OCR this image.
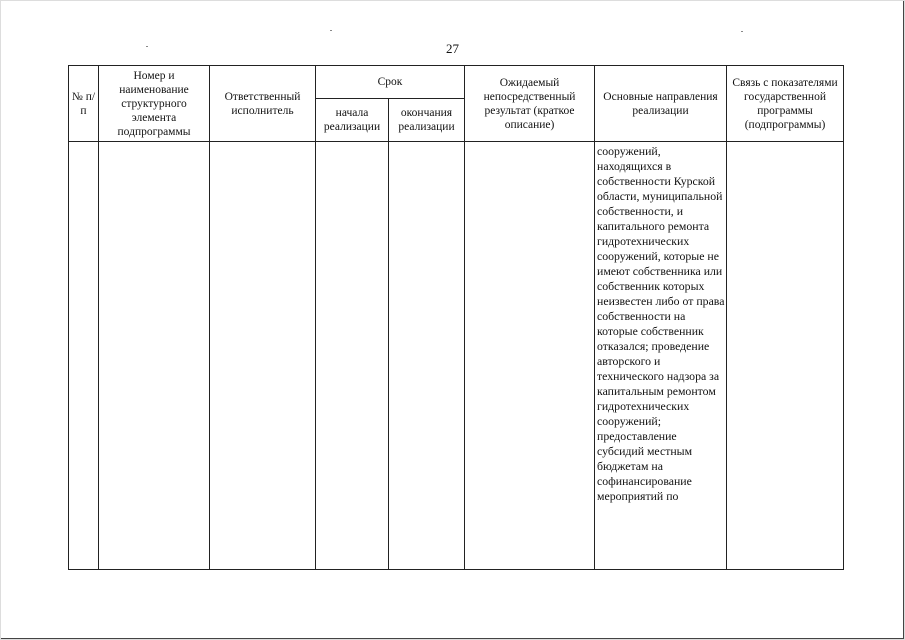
27
№ п/п	Номер и наименование структурного элемента подпрограммы	Ответственный исполнитель	Срок		Ожидаемый непосредственный результат (краткое описание)	Основные направления реализации	Связь с показателями государственной программы (подпрограммы)
			начала реализации	окончания реализации			

						сооружений, находящихся в собственности Курской области, муниципальной собственности, и капитального ремонта гидротехнических сооружений, которые не имеют собственника или собственник которых неизвестен либо от права собственности на которые собственник отказался; проведение авторского и технического надзора за капитальным ремонтом гидротехнических сооружений; предоставление субсидий местным бюджетам на софинансирование мероприятий по	
